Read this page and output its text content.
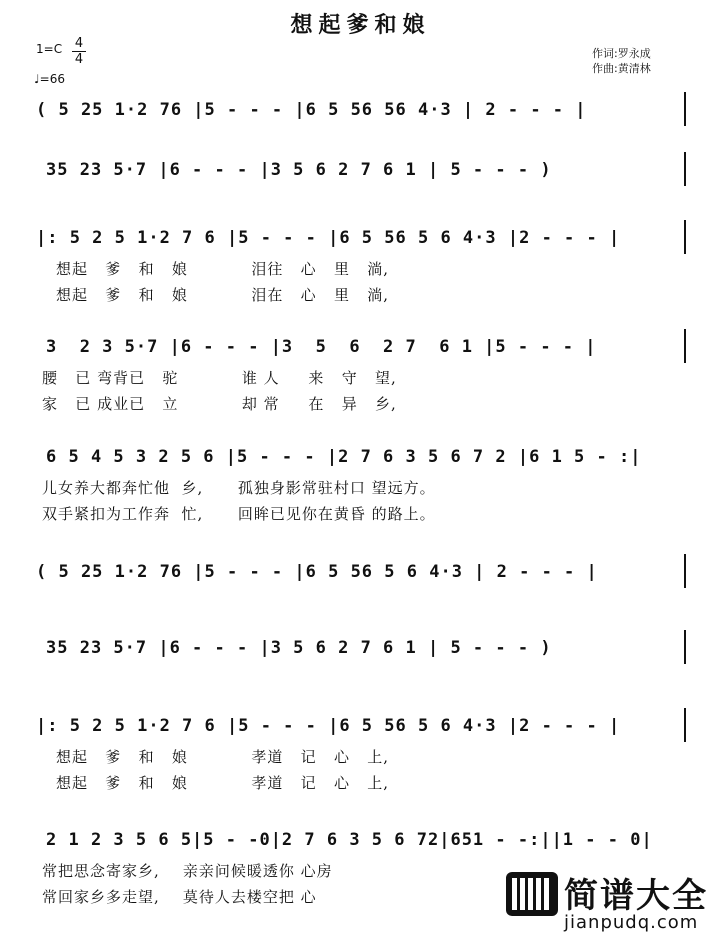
想起爹和娘
1=C 4
4
♩=66
作词:罗永成
作曲:黄清林
( 5 25 1·2 76 |5 - - - |6 5 56 56 4·3 | 2 - - - |
35 23 5·7 |6 - - - |3 5 6 2 7 6 1 | 5 - - - )
|: 5 2 5 1·2 7 6 |5 - - - |6 5 56 5 6 4·3 |2 - - - |
想起   爹   和   娘           泪往   心   里   淌,
想起   爹   和   娘           泪在   心   里   淌,
3  2 3 5·7 |6 - - - |3  5  6  2 7  6 1 |5 - - - |
腰   已 弯背已   驼           谁 人     来   守   望,
家   已 成业已   立           却 常     在   异   乡,
6 5 4 5 3 2 5 6 |5 - - - |2 7 6 3 5 6 7 2 |6 1 5 - :|
儿女养大都奔忙他  乡,      孤独身影常驻村口 望远方。
双手紧扣为工作奔  忙,      回眸已见你在黄昏 的路上。
( 5 25 1·2 76 |5 - - - |6 5 56 5 6 4·3 | 2 - - - |
35 23 5·7 |6 - - - |3 5 6 2 7 6 1 | 5 - - - )
|: 5 2 5 1·2 7 6 |5 - - - |6 5 56 5 6 4·3 |2 - - - |
想起   爹   和   娘           孝道   记   心   上,
想起   爹   和   娘           孝道   记   心   上,
2 1 2 3 5 6 5|5 - -0|2 7 6 3 5 6 72|651 - -:||1 - - 0|
常把思念寄家乡,    亲亲问候暖透你 心房
常回家乡多走望,    莫待人去楼空把 心	简谱大全
jianpudq.com
